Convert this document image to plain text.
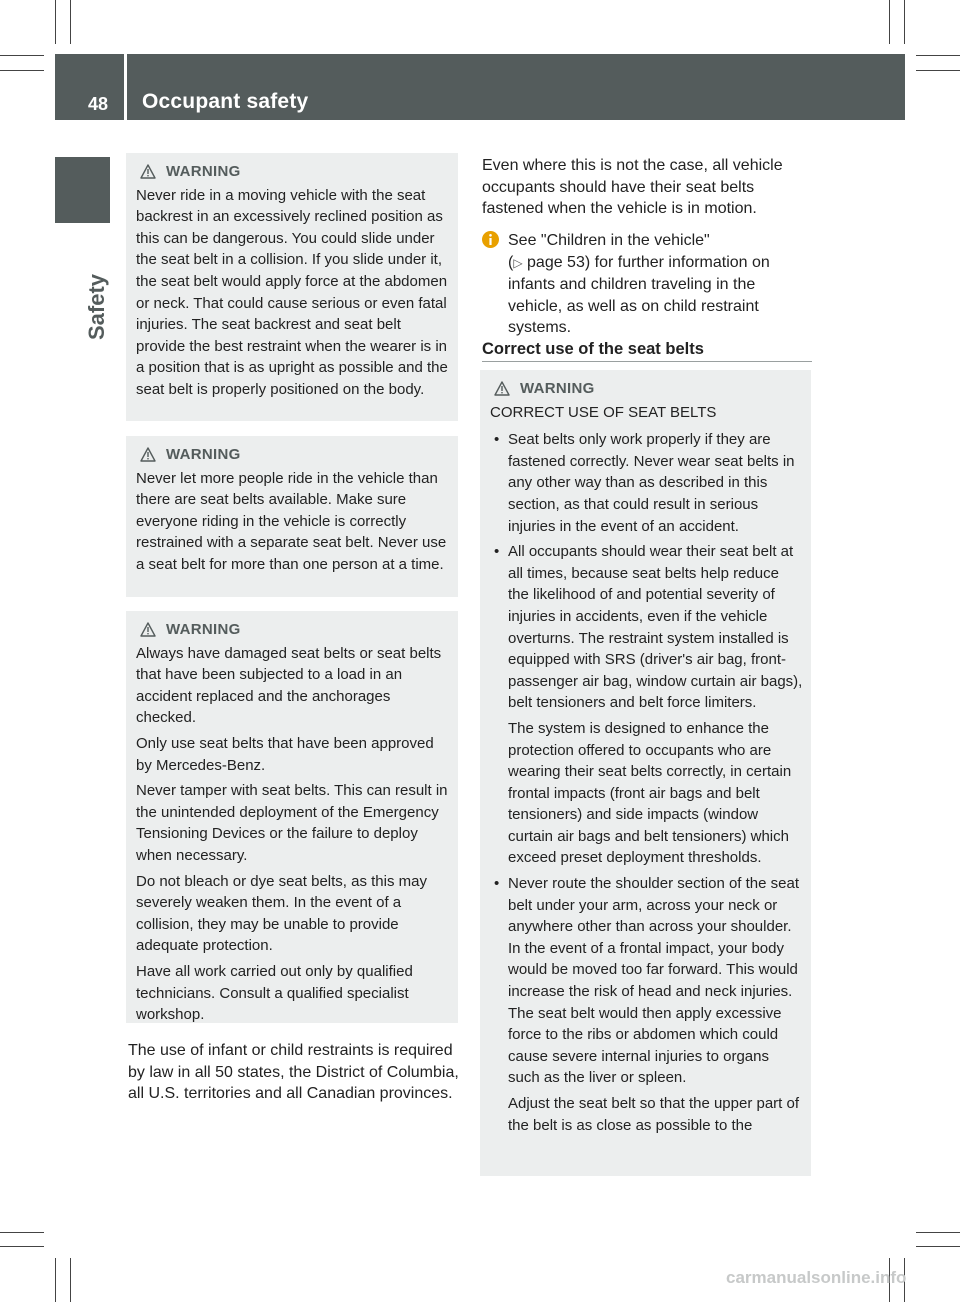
48 Occupant safety
Safety
WARNING

Never ride in a moving vehicle with the seat backrest in an excessively reclined position as this can be dangerous. You could slide under the seat belt in a collision. If you slide under it, the seat belt would apply force at the abdomen or neck. That could cause serious or even fatal injuries. The seat backrest and seat belt provide the best restraint when the wearer is in a position that is as upright as possible and the seat belt is properly positioned on the body.

WARNING

Never let more people ride in the vehicle than there are seat belts available. Make sure everyone riding in the vehicle is correctly restrained with a separate seat belt. Never use a seat belt for more than one person at a time.

WARNING

Always have damaged seat belts or seat belts that have been subjected to a load in an accident replaced and the anchorages checked.

Only use seat belts that have been approved by Mercedes-Benz.

Never tamper with seat belts. This can result in the unintended deployment of the Emergency Tensioning Devices or the failure to deploy when necessary.

Do not bleach or dye seat belts, as this may severely weaken them. In the event of a collision, they may be unable to provide adequate protection.

Have all work carried out only by qualified technicians. Consult a qualified specialist workshop.

The use of infant or child restraints is required by law in all 50 states, the District of Columbia, all U.S. territories and all Canadian provinces.

Even where this is not the case, all vehicle occupants should have their seat belts fastened when the vehicle is in motion.

See "Children in the vehicle"
(▷ page 53) for further information on infants and children traveling in the vehicle, as well as on child restraint systems.
Correct use of the seat belts
WARNING

CORRECT USE OF SEAT BELTS

• Seat belts only work properly if they are fastened correctly. Never wear seat belts in any other way than as described in this section, as that could result in serious injuries in the event of an accident.

• All occupants should wear their seat belt at all times, because seat belts help reduce the likelihood of and potential severity of injuries in accidents, even if the vehicle overturns. The restraint system installed is equipped with SRS (driver's air bag, front-passenger air bag, window curtain air bags), belt tensioners and belt force limiters.

The system is designed to enhance the protection offered to occupants who are wearing their seat belts correctly, in certain frontal impacts (front air bags and belt tensioners) and side impacts (window curtain air bags and belt tensioners) which exceed preset deployment thresholds.

• Never route the shoulder section of the seat belt under your arm, across your neck or anywhere other than across your shoulder. In the event of a frontal impact, your body would be moved too far forward. This would increase the risk of head and neck injuries. The seat belt would then apply excessive force to the ribs or abdomen which could cause severe internal injuries to organs such as the liver or spleen.

Adjust the seat belt so that the upper part of the belt is as close as possible to the

carmanualsonline.info
